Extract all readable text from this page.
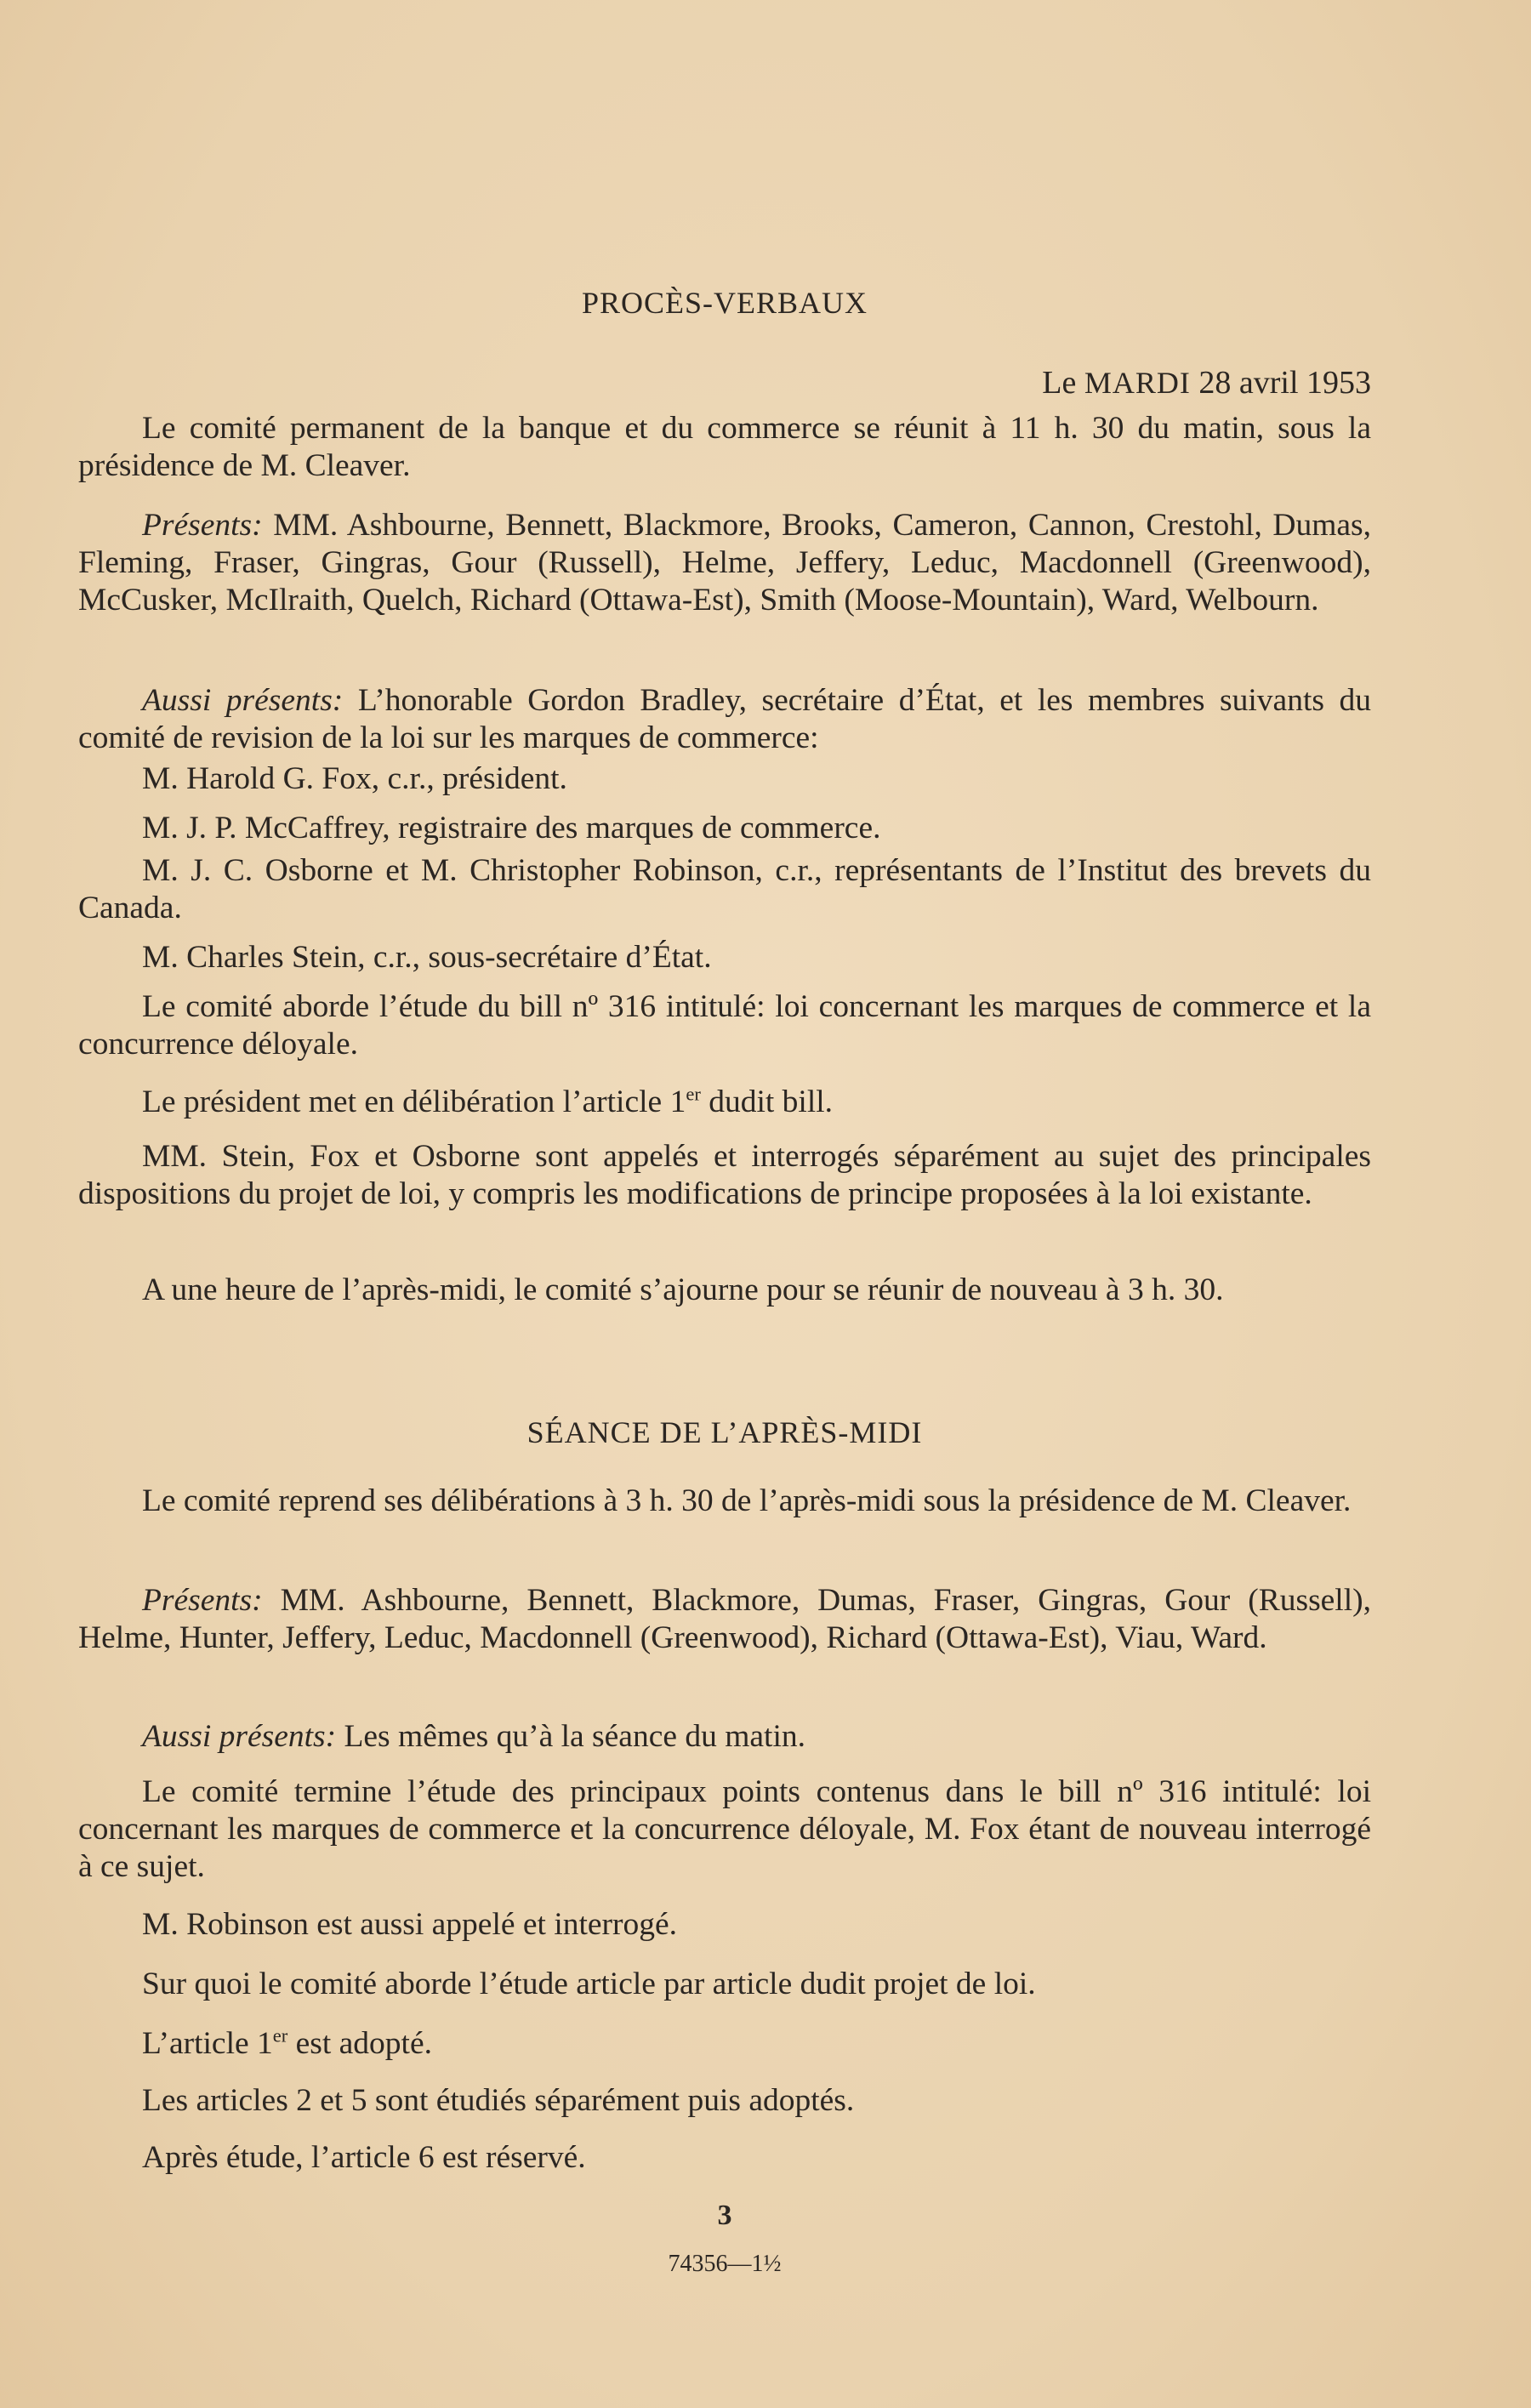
PROCÈS-VERBAUX

Le MARDI 28 avril 1953

Le comité permanent de la banque et du commerce se réunit à 11 h. 30 du matin, sous la présidence de M. Cleaver.

Présents: MM. Ashbourne, Bennett, Blackmore, Brooks, Cameron, Cannon, Crestohl, Dumas, Fleming, Fraser, Gingras, Gour (Russell), Helme, Jeffery, Leduc, Macdonnell (Greenwood), McCusker, McIlraith, Quelch, Richard (Ottawa-Est), Smith (Moose-Mountain), Ward, Welbourn.

Aussi présents: L’honorable Gordon Bradley, secrétaire d’État, et les membres suivants du comité de revision de la loi sur les marques de commerce:

M. Harold G. Fox, c.r., président.

M. J. P. McCaffrey, registraire des marques de commerce.

M. J. C. Osborne et M. Christopher Robinson, c.r., représentants de l’Institut des brevets du Canada.

M. Charles Stein, c.r., sous-secrétaire d’État.

Le comité aborde l’étude du bill nº 316 intitulé: loi concernant les marques de commerce et la concurrence déloyale.

Le président met en délibération l’article 1er dudit bill.

MM. Stein, Fox et Osborne sont appelés et interrogés séparément au sujet des principales dispositions du projet de loi, y compris les modifications de principe proposées à la loi existante.

A une heure de l’après-midi, le comité s’ajourne pour se réunir de nouveau à 3 h. 30.

SÉANCE DE L’APRÈS-MIDI

Le comité reprend ses délibérations à 3 h. 30 de l’après-midi sous la présidence de M. Cleaver.

Présents: MM. Ashbourne, Bennett, Blackmore, Dumas, Fraser, Gingras, Gour (Russell), Helme, Hunter, Jeffery, Leduc, Macdonnell (Greenwood), Richard (Ottawa-Est), Viau, Ward.

Aussi présents: Les mêmes qu’à la séance du matin.

Le comité termine l’étude des principaux points contenus dans le bill nº 316 intitulé: loi concernant les marques de commerce et la concurrence déloyale, M. Fox étant de nouveau interrogé à ce sujet.

M. Robinson est aussi appelé et interrogé.

Sur quoi le comité aborde l’étude article par article dudit projet de loi.

L’article 1er est adopté.

Les articles 2 et 5 sont étudiés séparément puis adoptés.

Après étude, l’article 6 est réservé.

3

74356—1½
